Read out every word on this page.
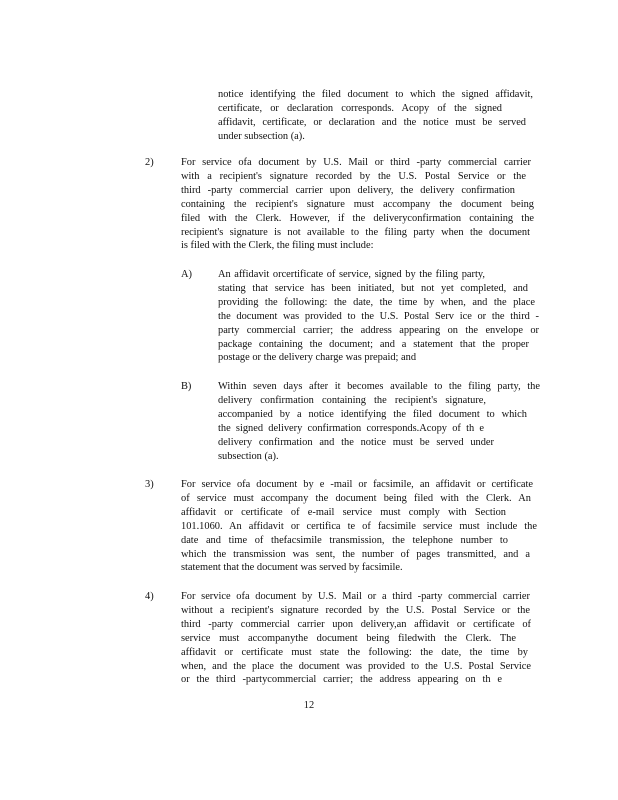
notice identifying the filed document to which the signed affidavit,
certificate, or declaration corresponds. Acopy of the signed
affidavit, certificate, or declaration and the notice must be served
under subsection (a).
2)	For service ofa document by U.S. Mail or third -party commercial carrier
with a recipient's signature recorded by the U.S. Postal Service or the
third -party commercial carrier upon delivery, the delivery confirmation
containing the recipient's signature must accompany the document being
filed with the Clerk. However, if the deliveryconfirmation containing the
recipient's signature is not available to the filing party when the document
is filed with the Clerk, the filing must include:
A)	An affidavit orcertificate of service, signed by the filing party,
stating that service has been initiated, but not yet completed, and
providing the following: the date, the time by when, and the place
the document was provided to the U.S. Postal Serv ice or the third -
party commercial carrier; the address appearing on the envelope or
package containing the document; and a statement that the proper
postage or the delivery charge was prepaid; and
B)	Within seven days after it becomes available to the filing party, the
delivery confirmation containing the recipient's signature,
accompanied by a notice identifying the filed document to which
the signed delivery confirmation corresponds.Acopy of th e
delivery confirmation and the notice must be served under
subsection (a).
3)	For service ofa document by e -mail or facsimile, an affidavit or certificate
of service must accompany the document being filed with the Clerk. An
affidavit or certificate of e-mail service must comply with Section
101.1060. An affidavit or certifica te of facsimile service must include the
date and time of thefacsimile transmission, the telephone number to
which the transmission was sent, the number of pages transmitted, and a
statement that the document was served by facsimile.
4)	For service ofa document by U.S. Mail or a third -party commercial carrier
without a recipient's signature recorded by the U.S. Postal Service or the
third -party commercial carrier upon delivery,an affidavit or certificate of
service must accompanythe document being filedwith the Clerk. The
affidavit or certificate must state the following: the date, the time by
when, and the place the document was provided to the U.S. Postal Service
or the third -partycommercial carrier; the address appearing on th e
12
